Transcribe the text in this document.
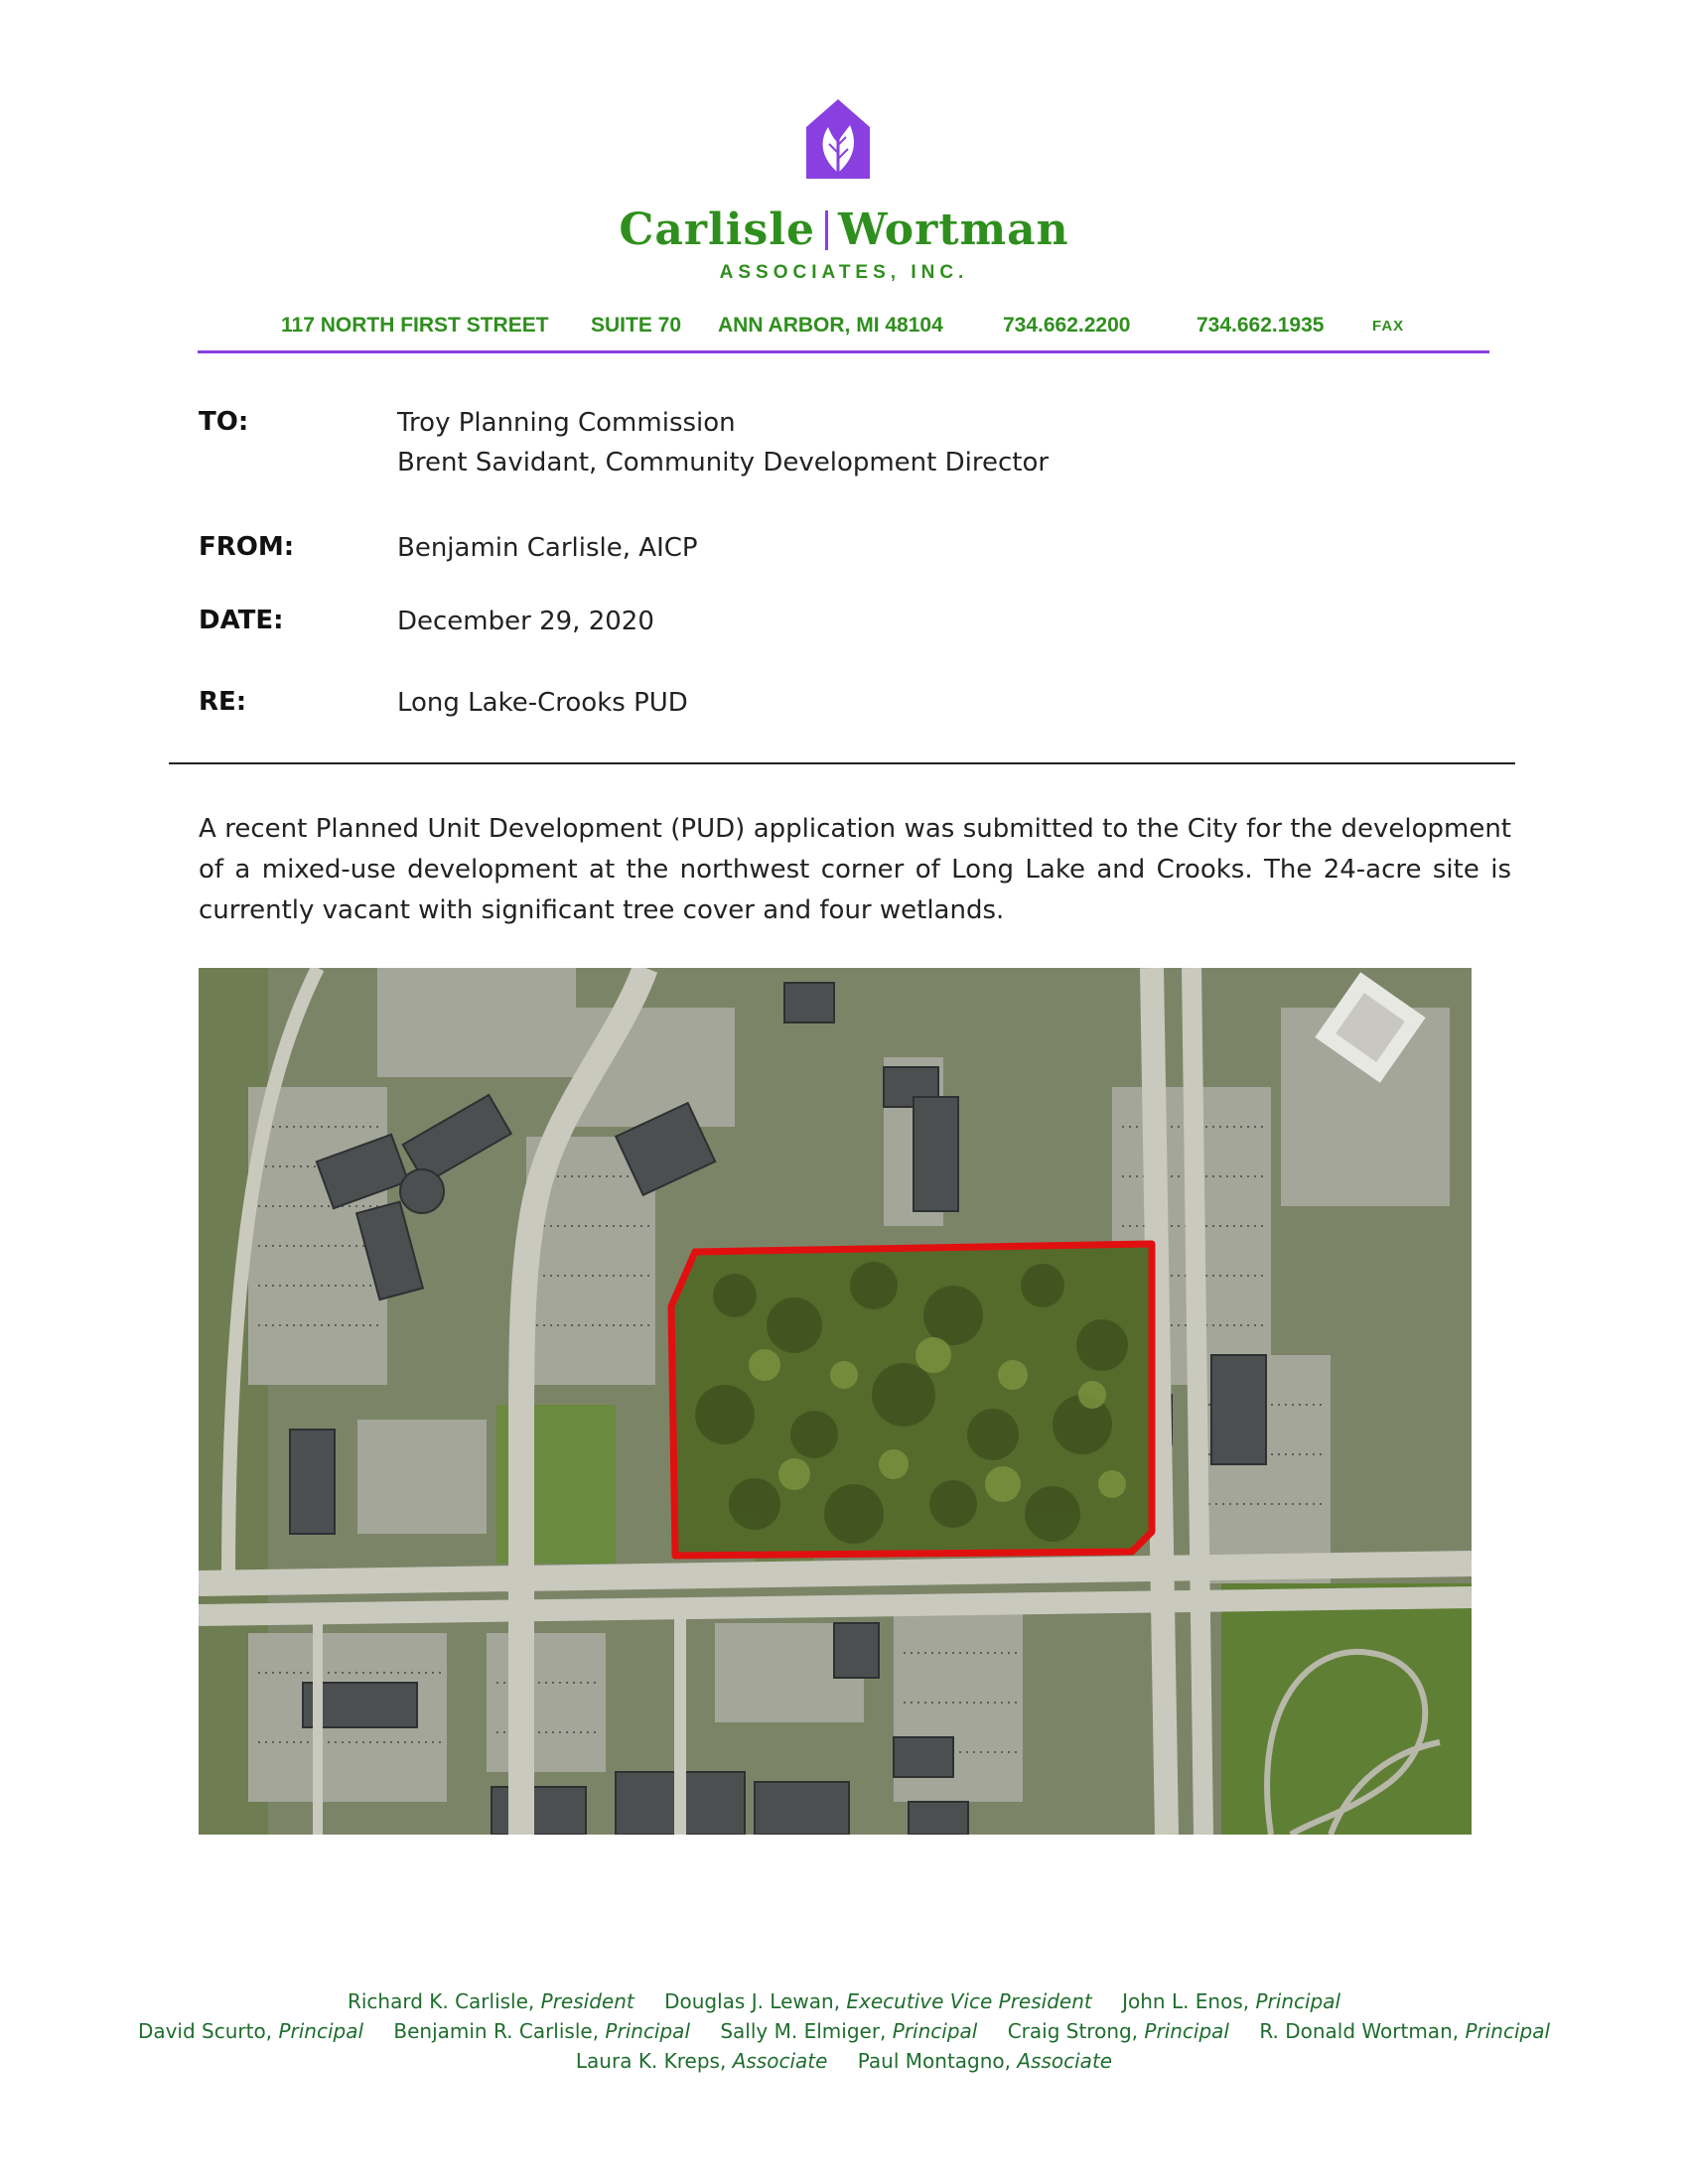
Carlisle Wortman
ASSOCIATES, INC.
117 NORTH FIRST STREET SUITE 70 ANN ARBOR, MI 48104	734.662.2200	734.662.1935	FAX
TO:	Troy Planning Commission
Brent Savidant, Community Development Director
FROM:	Benjamin Carlisle, AICP
DATE:	December 29, 2020
RE:	Long Lake-Crooks PUD
A recent Planned Unit Development (PUD) application was submitted to the City for the development of a mixed-use development at the northwest corner of Long Lake and Crooks. The 24-acre site is currently vacant with significant tree cover and four wetlands.
Richard K. Carlisle, President Douglas J. Lewan, Executive Vice President John L. Enos, Principal
David Scurto, Principal Benjamin R. Carlisle, Principal Sally M. Elmiger, Principal Craig Strong, Principal R. Donald Wortman, Principal
Laura K. Kreps, Associate Paul Montagno, Associate
